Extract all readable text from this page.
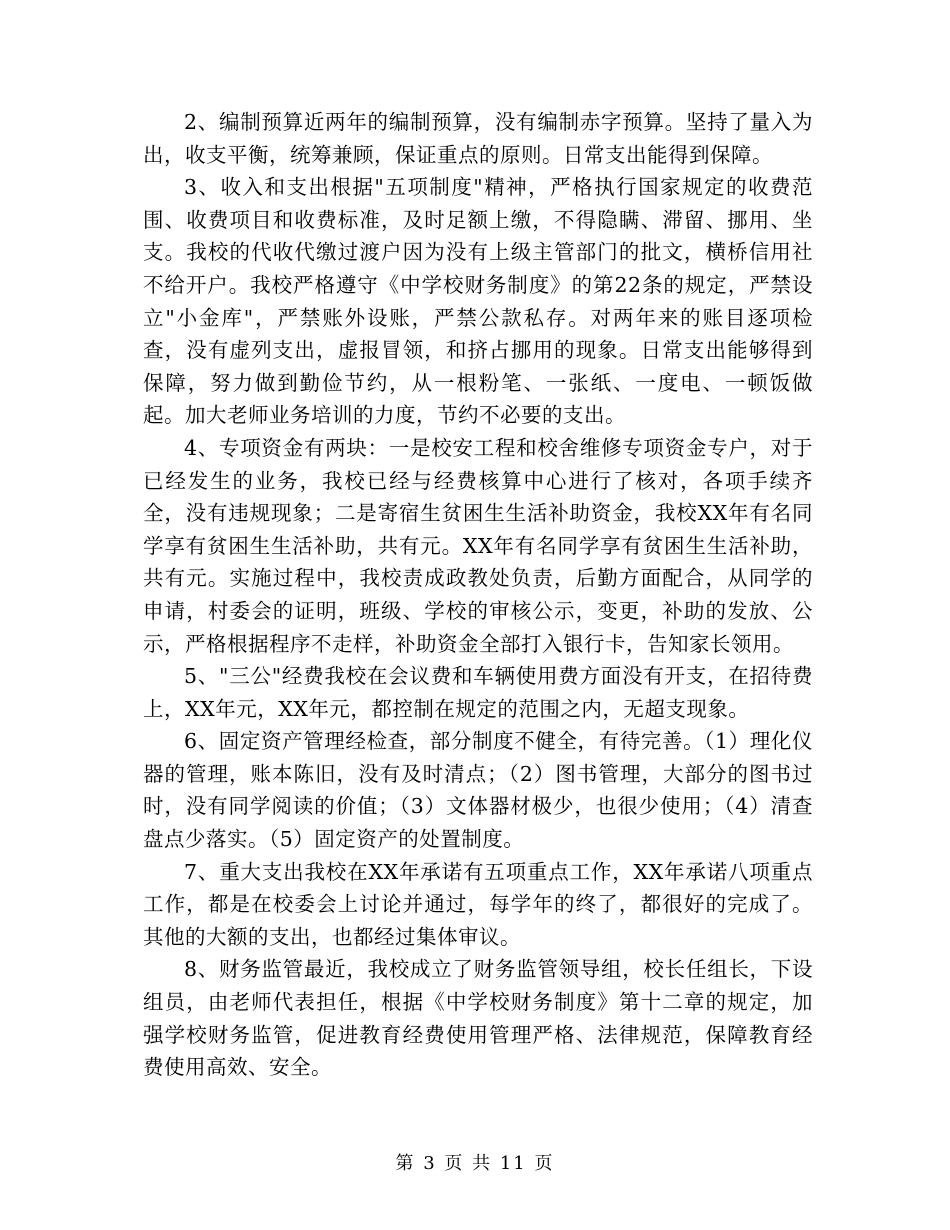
2、编制预算近两年的编制预算，没有编制赤字预算。坚持了量入为出，收支平衡，统筹兼顾，保证重点的原则。日常支出能得到保障。

3、收入和支出根据"五项制度"精神，严格执行国家规定的收费范围、收费项目和收费标准，及时足额上缴，不得隐瞒、滞留、挪用、坐支。我校的代收代缴过渡户因为没有上级主管部门的批文，横桥信用社不给开户。我校严格遵守《中学校财务制度》的第22条的规定，严禁设立"小金库"，严禁账外设账，严禁公款私存。对两年来的账目逐项检查，没有虚列支出，虚报冒领，和挤占挪用的现象。日常支出能够得到保障，努力做到勤俭节约，从一根粉笔、一张纸、一度电、一顿饭做起。加大老师业务培训的力度，节约不必要的支出。

4、专项资金有两块：一是校安工程和校舍维修专项资金专户，对于已经发生的业务，我校已经与经费核算中心进行了核对，各项手续齐全，没有违规现象；二是寄宿生贫困生生活补助资金，我校XX年有名同学享有贫困生生活补助，共有元。XX年有名同学享有贫困生生活补助，共有元。实施过程中，我校责成政教处负责，后勤方面配合，从同学的申请，村委会的证明，班级、学校的审核公示，变更，补助的发放、公示，严格根据程序不走样，补助资金全部打入银行卡，告知家长领用。

5、"三公"经费我校在会议费和车辆使用费方面没有开支，在招待费上，XX年元，XX年元，都控制在规定的范围之内，无超支现象。

6、固定资产管理经检查，部分制度不健全，有待完善。（1）理化仪器的管理，账本陈旧，没有及时清点；（2）图书管理，大部分的图书过时，没有同学阅读的价值；（3）文体器材极少，也很少使用；（4）清查盘点少落实。（5）固定资产的处置制度。

7、重大支出我校在XX年承诺有五项重点工作，XX年承诺八项重点工作，都是在校委会上讨论并通过，每学年的终了，都很好的完成了。其他的大额的支出，也都经过集体审议。

8、财务监管最近，我校成立了财务监管领导组，校长任组长，下设组员，由老师代表担任，根据《中学校财务制度》第十二章的规定，加强学校财务监管，促进教育经费使用管理严格、法律规范，保障教育经费使用高效、安全。

第 3 页 共 11 页
